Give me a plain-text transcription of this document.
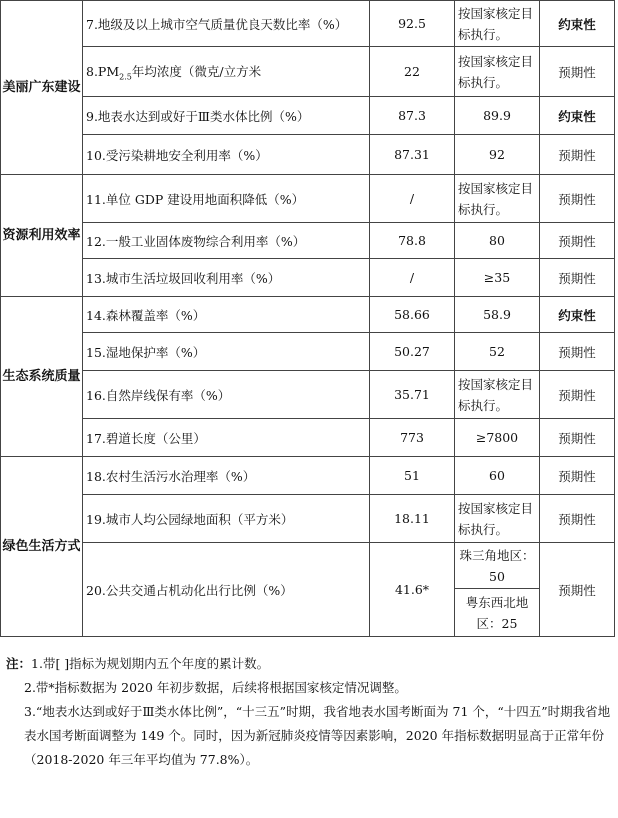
美丽广东建设	7.地级及以上城市空气质量优良天数比率（%）	92.5	按国家核定目标执行。	约束性
	$8.PM_{2.5}$年均浓度（微克/立方米	22	按国家核定目标执行。	预期性
	9.地表水达到或好于Ⅲ类水体比例（%）	87.3	89.9	约束性
	10.受污染耕地安全利用率（%）	87.31	92	预期性
资源利用效率	11.单位 GDP 建设用地面积降低（%）	/	按国家核定目标执行。	预期性
	12.一般工业固体废物综合利用率（%）	78.8	80	预期性
	13.城市生活垃圾回收利用率（%）	/	≥35	预期性
生态系统质量	14.森林覆盖率（%）	58.66	58.9	约束性
	15.湿地保护率（%）	50.27	52	预期性
	16.自然岸线保有率（%）	35.71	按国家核定目标执行。	预期性
	17.碧道长度（公里）	773	≥7800	预期性
绿色生活方式	18.农村生活污水治理率（%）	51	60	预期性
	19.城市人均公园绿地面积（平方米）	18.11	按国家核定目标执行。	预期性
	20.公共交通占机动化出行比例（%）	41.6*	珠三角地区：50	预期性
			粤东西北地区：25	

注：1.带[ ]指标为规划期内五个年度的累计数。

2.带*指标数据为 2020 年初步数据，后续将根据国家核定情况调整。

3.“地表水达到或好于Ⅲ类水体比例”，“十三五”时期，我省地表水国考断面为 71 个，“十四五”时期我省地表水国考断面调整为 149 个。同时，因为新冠肺炎疫情等因素影响，2020 年指标数据明显高于正常年份（2018-2020 年三年平均值为 77.8%）。
